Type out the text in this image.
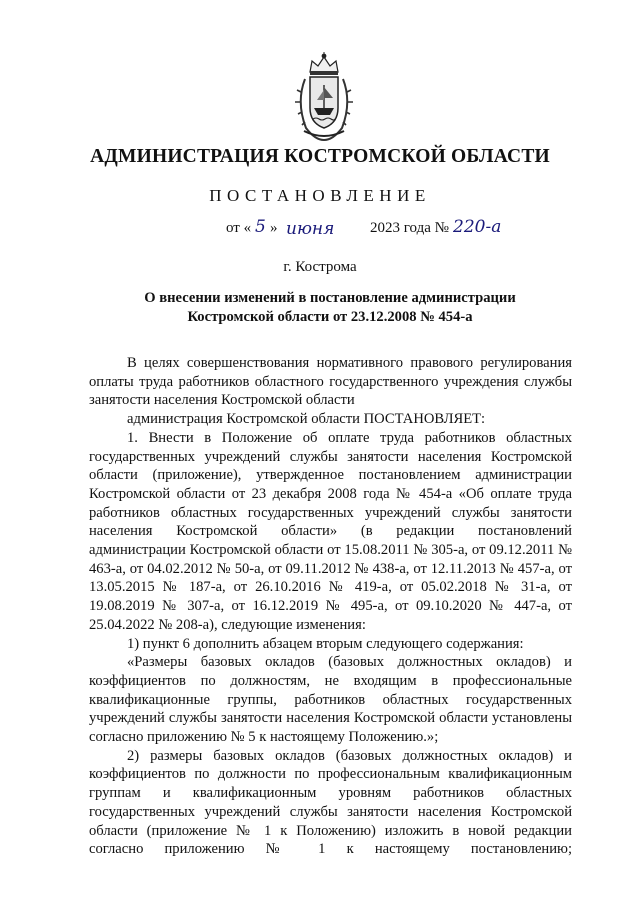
АДМИНИСТРАЦИЯ КОСТРОМСКОЙ ОБЛАСТИ
ПОСТАНОВЛЕНИЕ
от « 5 » июня 2023 года № 220-а
г. Кострома
О внесении изменений в постановление администрации
Костромской области от 23.12.2008 № 454-а

В целях совершенствования нормативного правового регулирования оплаты труда работников областного государственного учреждения службы занятости населения Костромской области

администрация Костромской области ПОСТАНОВЛЯЕТ:

1. Внести в Положение об оплате труда работников областных государственных учреждений службы занятости населения Костромской области (приложение), утвержденное постановлением администрации Костромской области от 23 декабря 2008 года № 454-а «Об оплате труда работников областных государственных учреждений службы занятости населения Костромской области» (в редакции постановлений администрации Костромской области от 15.08.2011 № 305-а, от 09.12.2011 № 463-а, от 04.02.2012 № 50-а, от 09.11.2012 № 438-а, от 12.11.2013 № 457-а, от 13.05.2015 № 187-а, от 26.10.2016 № 419-а, от 05.02.2018 № 31-а, от 19.08.2019 № 307-а, от 16.12.2019 № 495-а, от 09.10.2020 № 447-а, от 25.04.2022 № 208-а), следующие изменения:

1) пункт 6 дополнить абзацем вторым следующего содержания:

«Размеры базовых окладов (базовых должностных окладов) и коэффициентов по должностям, не входящим в профессиональные квалификационные группы, работников областных государственных учреждений службы занятости населения Костромской области установлены согласно приложению № 5 к настоящему Положению.»;

2) размеры базовых окладов (базовых должностных окладов) и коэффициентов по должности по профессиональным квалификационным группам и квалификационным уровням работников областных государственных учреждений службы занятости населения Костромской области (приложение № 1 к Положению) изложить в новой редакции согласно приложению № 1 к настоящему постановлению;
